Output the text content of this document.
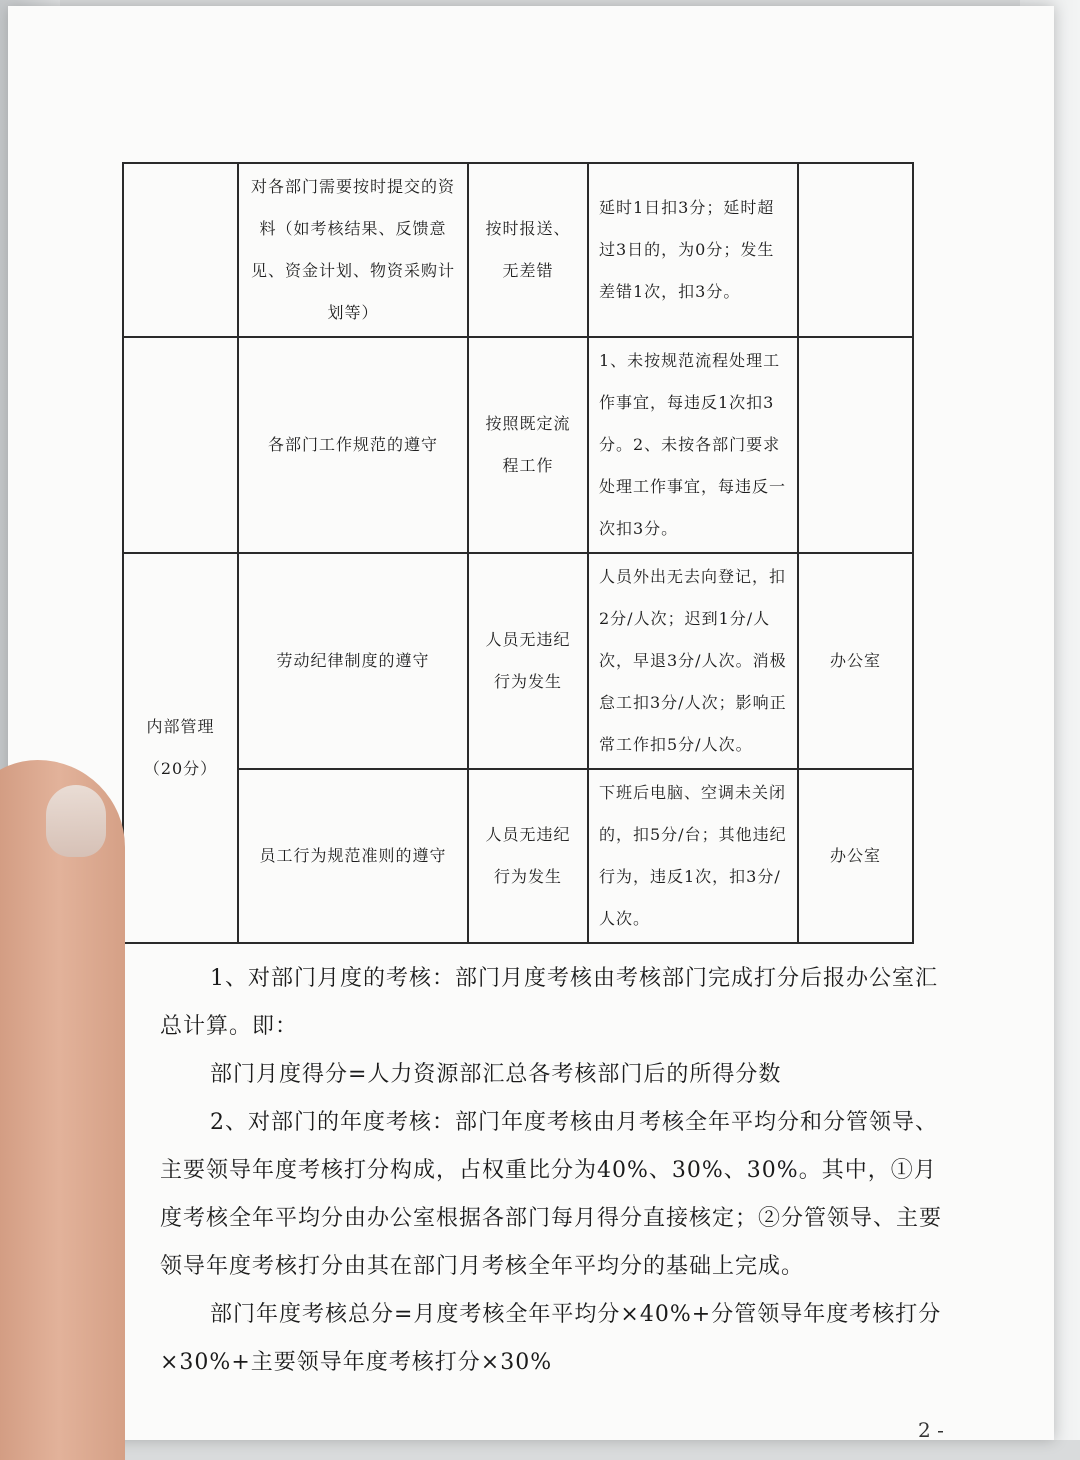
	对各部门需要按时提交的资料（如考核结果、反馈意见、资金计划、物资采购计划等）	按时报送、无差错	延时1日扣3分；延时超过3日的，为0分；发生差错1次，扣3分。	
	各部门工作规范的遵守	按照既定流程工作	1、未按规范流程处理工作事宜，每违反1次扣3分。2、未按各部门要求处理工作事宜，每违反一次扣3分。	
内部管理（20分）	劳动纪律制度的遵守	人员无违纪行为发生	人员外出无去向登记，扣2分/人次；迟到1分/人次，早退3分/人次。消极怠工扣3分/人次；影响正常工作扣5分/人次。	办公室
	员工行为规范准则的遵守	人员无违纪行为发生	下班后电脑、空调未关闭的，扣5分/台；其他违纪行为，违反1次，扣3分/人次。	办公室

1、对部门月度的考核：部门月度考核由考核部门完成打分后报办公室汇总计算。即：

部门月度得分=人力资源部汇总各考核部门后的所得分数

2、对部门的年度考核：部门年度考核由月考核全年平均分和分管领导、主要领导年度考核打分构成，占权重比分为40%、30%、30%。其中，①月度考核全年平均分由办公室根据各部门每月得分直接核定；②分管领导、主要领导年度考核打分由其在部门月考核全年平均分的基础上完成。

部门年度考核总分=月度考核全年平均分×40%+分管领导年度考核打分×30%+主要领导年度考核打分×30%

2 -
